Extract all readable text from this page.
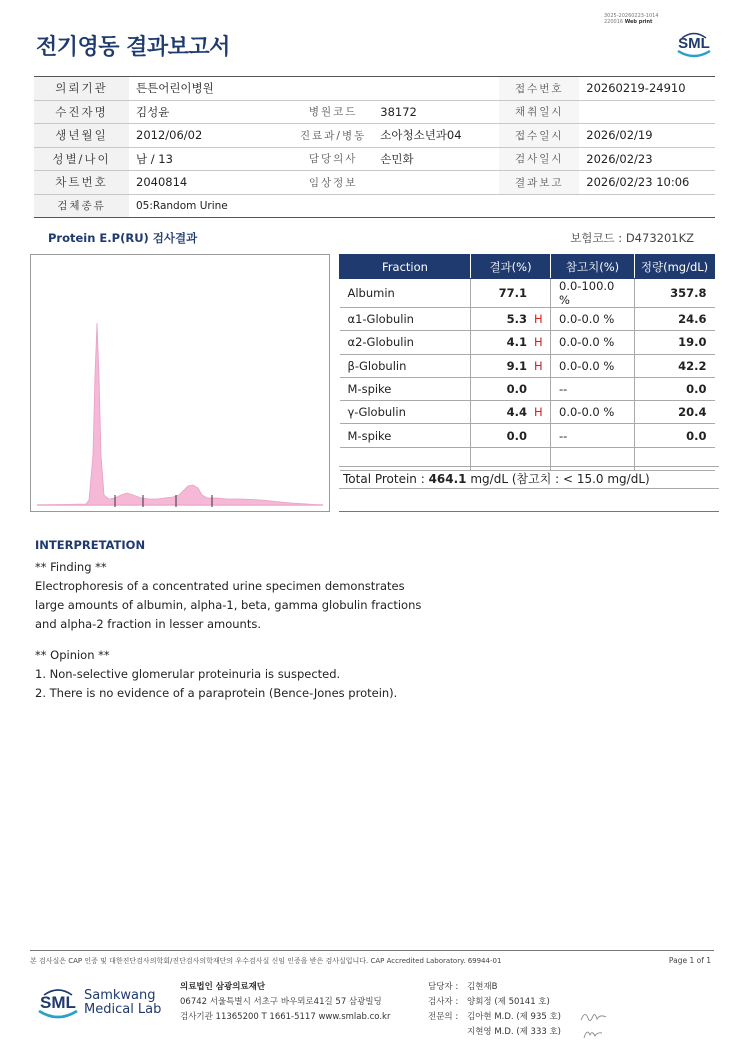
전기영동 결과보고서
3025-20260223-1014
220016 Web print
SML
의뢰기관	튼튼어린이병원			접수번호	20260219-24910
수진자명	김성윤	병원코드	38172	채취일시	
생년월일	2012/06/02	진료과/병동	소아청소년과04	접수일시	2026/02/19
성별/나이	남 / 13	담당의사	손민화	검사일시	2026/02/23
차트번호	2040814	임상정보		결과보고	2026/02/23 10:06
검체종류	05:Random Urine				
Protein E.P(RU) 검사결과	보험코드 : D473201KZ
Fraction	결과(%)	참고치(%)	정량(mg/dL)
Albumin	77.1	0.0-100.0 %	357.8
α1-Globulin	5.3 H	0.0-0.0 %	24.6
α2-Globulin	4.1 H	0.0-0.0 %	19.0
β-Globulin	9.1 H	0.0-0.0 %	42.2
M-spike	0.0	--	0.0
γ-Globulin	4.4 H	0.0-0.0 %	20.4
M-spike	0.0	--	0.0

Total Protein : 464.1 mg/dL (참고치 : < 15.0 mg/dL)
INTERPRETATION
** Finding **
Electrophoresis of a concentrated urine specimen demonstrates
large amounts of albumin, alpha-1, beta, gamma globulin fractions
and alpha-2 fraction in lesser amounts.
** Opinion **
1. Non-selective glomerular proteinuria is suspected.
2. There is no evidence of a paraprotein (Bence-Jones protein).
본 검사실은 CAP 인증 및 대한진단검사의학회/진단검사의학재단의 우수검사실 신임 인증을 받은 검사실입니다. CAP Accredited Laboratory. 69944-01	Page 1 of 1
SML Samkwang
Medical Lab
의료법인 삼광의료재단
06742 서울특별시 서초구 바우뫼로41길 57 삼광빌딩
검사기관 11365200 T 1661-5117 www.smlab.co.kr
담당자 :	김현재B
검사자 :	양회정 (제 50141 호)
전문의 :	김아현 M.D. (제 935 호)
지현영 M.D. (제 333 호)
